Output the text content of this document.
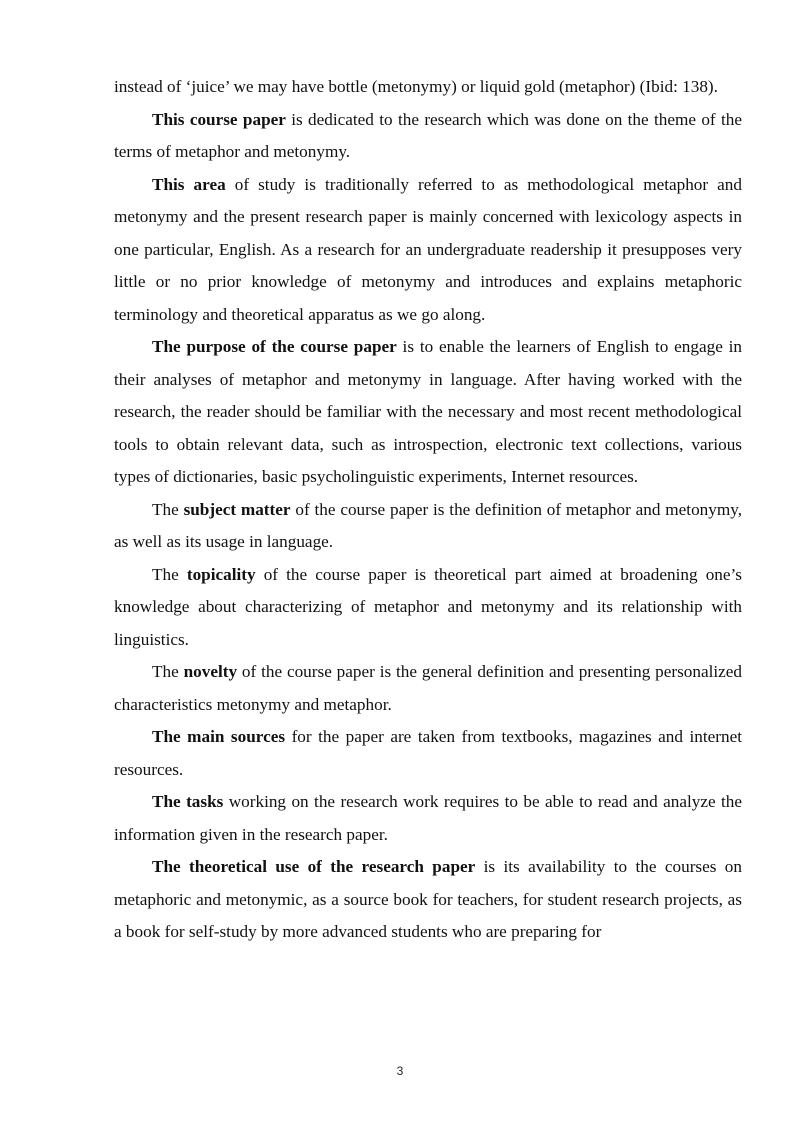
instead of ‘juice’ we may have bottle (metonymy) or liquid gold (metaphor) (Ibid: 138).

This course paper is dedicated to the research which was done on the theme of the terms of metaphor and metonymy.

This area of study is traditionally referred to as methodological metaphor and metonymy and the present research paper is mainly concerned with lexicology aspects in one particular, English. As a research for an undergraduate readership it presupposes very little or no prior knowledge of metonymy and introduces and explains metaphoric terminology and theoretical apparatus as we go along.

The purpose of the course paper is to enable the learners of English to engage in their analyses of metaphor and metonymy in language. After having worked with the research, the reader should be familiar with the necessary and most recent methodological tools to obtain relevant data, such as introspection, electronic text collections, various types of dictionaries, basic psycholinguistic experiments, Internet resources.

The subject matter of the course paper is the definition of metaphor and metonymy, as well as its usage in language.

The topicality of the course paper is theoretical part aimed at broadening one’s knowledge about characterizing of metaphor and metonymy and its relationship with linguistics.

The novelty of the course paper is the general definition and presenting personalized characteristics metonymy and metaphor.

The main sources for the paper are taken from textbooks, magazines and internet resources.

The tasks working on the research work requires to be able to read and analyze the information given in the research paper.

The theoretical use of the research paper is its availability to the courses on metaphoric and metonymic, as a source book for teachers, for student research projects, as a book for self-study by more advanced students who are preparing for

3
